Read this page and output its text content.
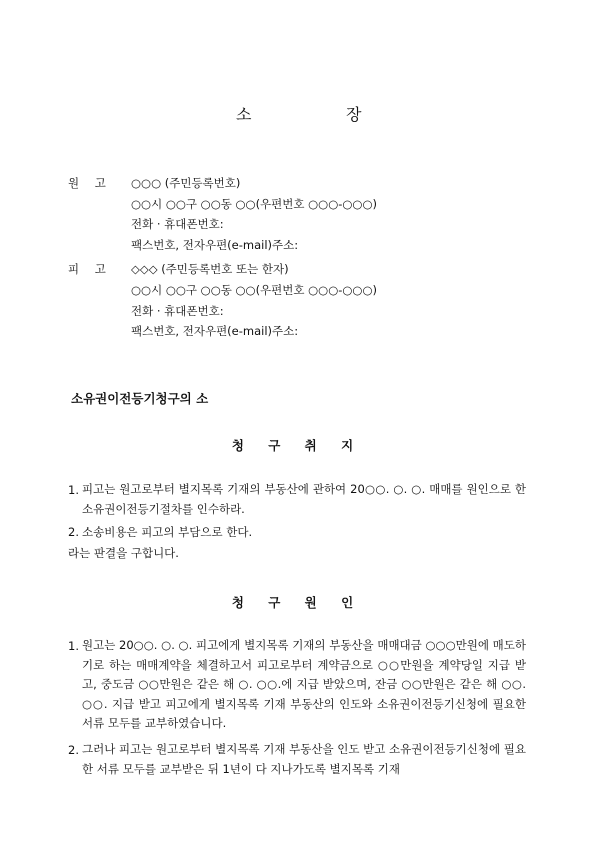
소	장
원 고 ○○○ (주민등록번호)
○○시 ○○구 ○○동 ○○(우편번호 ○○○-○○○)
전화 · 휴대폰번호:
팩스번호, 전자우편(e-mail)주소:
피 고 ◇◇◇ (주민등록번호 또는 한자)
○○시 ○○구 ○○동 ○○(우편번호 ○○○-○○○)
전화 · 휴대폰번호:
팩스번호, 전자우편(e-mail)주소:
소유권이전등기청구의 소
청 구 취 지
1. 피고는 원고로부터 별지목록 기재의 부동산에 관하여 20○○. ○. ○. 매매를 원인으로 한 소유권이전등기절차를 인수하라.
2. 소송비용은 피고의 부담으로 한다.
라는 판결을 구합니다.
청 구 원 인
1. 원고는 20○○. ○. ○. 피고에게 별지목록 기재의 부동산을 매매대금 ○○○만원에 매도하기로 하는 매매계약을 체결하고서 피고로부터 계약금으로 ○○만원을 계약당일 지급 받고, 중도금 ○○만원은 같은 해 ○. ○○.에 지급 받았으며, 잔금 ○○만원은 같은 해 ○○. ○○. 지급 받고 피고에게 별지목록 기재 부동산의 인도와 소유권이전등기신청에 필요한 서류 모두를 교부하였습니다.
2. 그러나 피고는 원고로부터 별지목록 기재 부동산을 인도 받고 소유권이전등기신청에 필요한 서류 모두를 교부받은 뒤 1년이 다 지나가도록 별지목록 기재
